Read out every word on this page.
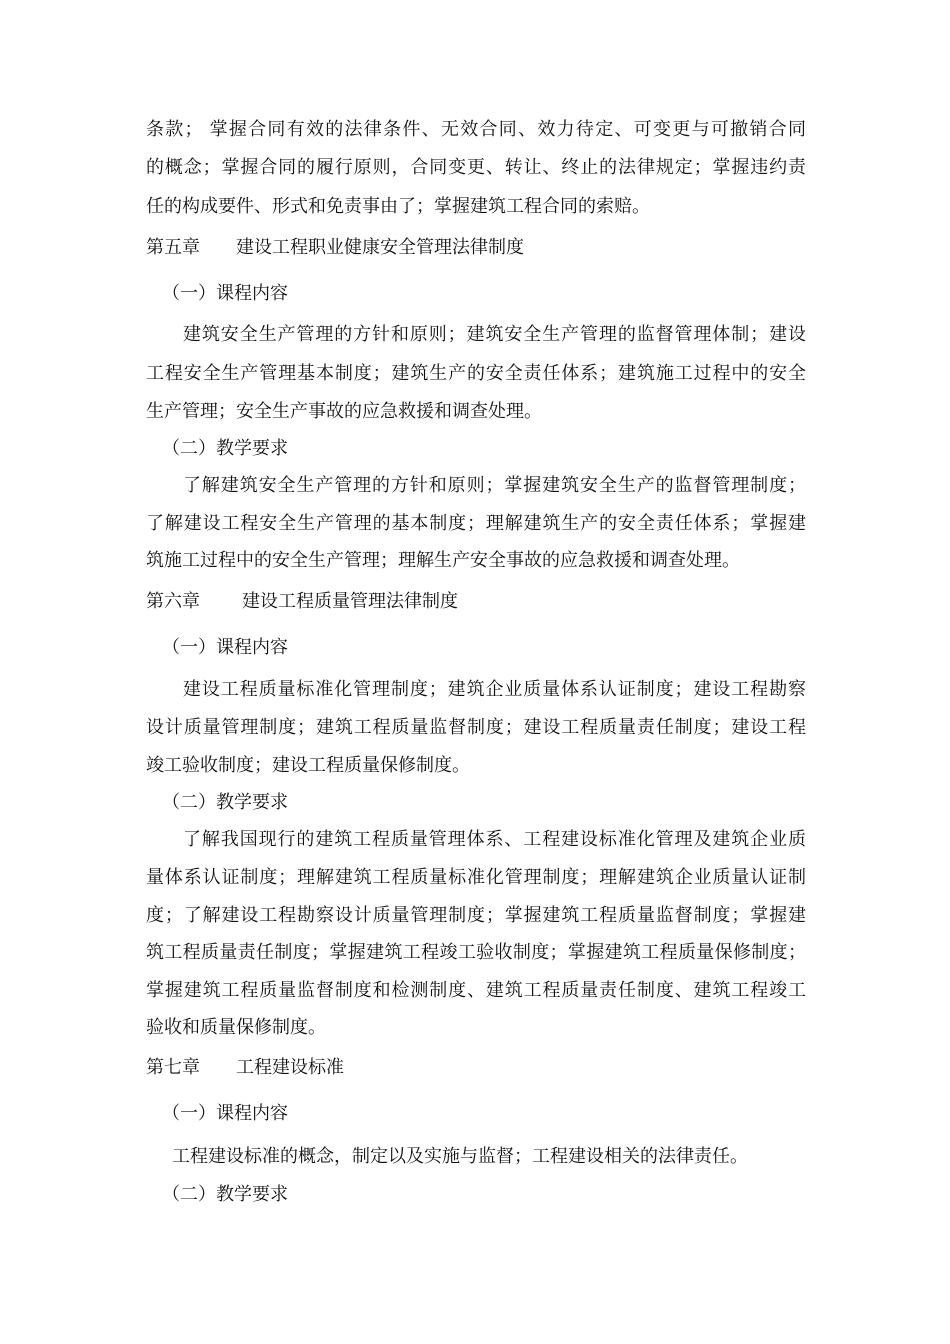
条款； 掌握合同有效的法律条件、无效合同、效力待定、可变更与可撤销合同

的概念；掌握合同的履行原则，合同变更、转让、终止的法律规定；掌握违约责

任的构成要件、形式和免责事由了；掌握建筑工程合同的索赔。

第五章 建设工程职业健康安全管理法律制度

（一）课程内容

建筑安全生产管理的方针和原则；建筑安全生产管理的监督管理体制；建设

工程安全生产管理基本制度；建筑生产的安全责任体系；建筑施工过程中的安全

生产管理；安全生产事故的应急救援和调查处理。

（二）教学要求

了解建筑安全生产管理的方针和原则；掌握建筑安全生产的监督管理制度；

了解建设工程安全生产管理的基本制度；理解建筑生产的安全责任体系；掌握建

筑施工过程中的安全生产管理；理解生产安全事故的应急救援和调查处理。

第六章 建设工程质量管理法律制度

（一）课程内容

建设工程质量标准化管理制度；建筑企业质量体系认证制度；建设工程勘察

设计质量管理制度；建筑工程质量监督制度；建设工程质量责任制度；建设工程

竣工验收制度；建设工程质量保修制度。

（二）教学要求

了解我国现行的建筑工程质量管理体系、工程建设标准化管理及建筑企业质

量体系认证制度；理解建筑工程质量标准化管理制度；理解建筑企业质量认证制

度；了解建设工程勘察设计质量管理制度；掌握建筑工程质量监督制度；掌握建

筑工程质量责任制度；掌握建筑工程竣工验收制度；掌握建筑工程质量保修制度；

掌握建筑工程质量监督制度和检测制度、建筑工程质量责任制度、建筑工程竣工

验收和质量保修制度。

第七章 工程建设标准

（一）课程内容

工程建设标准的概念，制定以及实施与监督；工程建设相关的法律责任。

（二）教学要求
